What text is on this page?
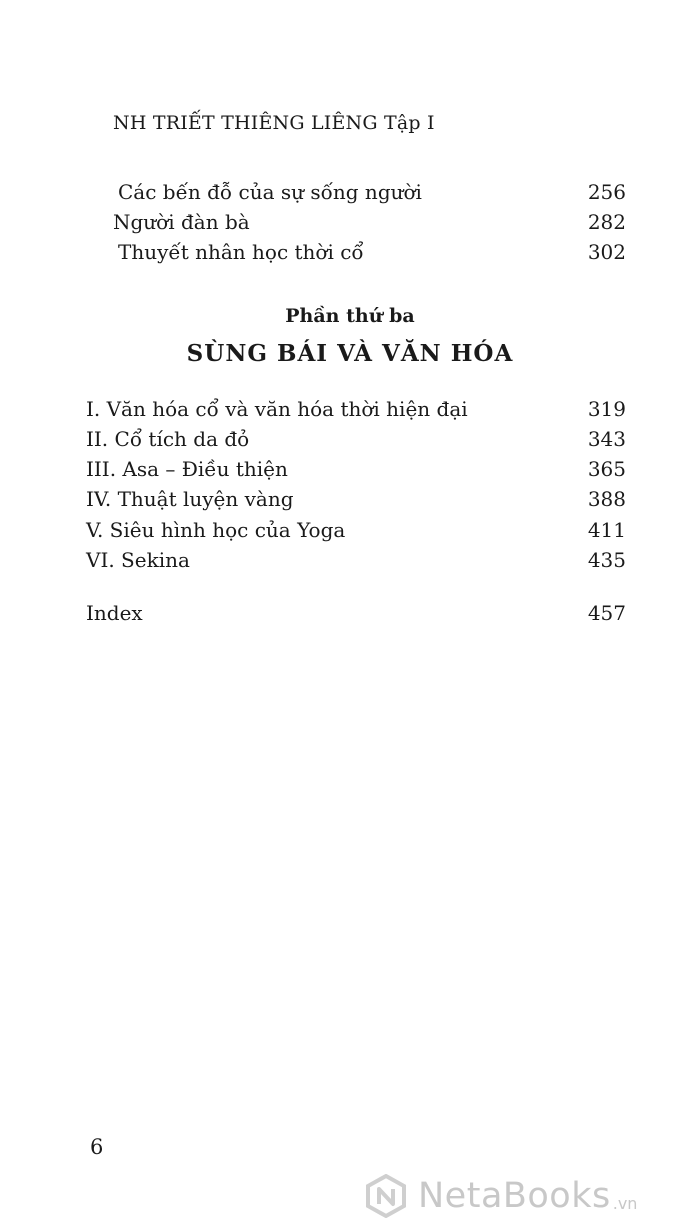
NH TRIẾT THIÊNG LIÊNG Tập I
Các bến đỗ của sự sống người	256
Người đàn bà	282
Thuyết nhân học thời cổ	302
Phần thứ ba
SÙNG BÁI VÀ VĂN HÓA
I. Văn hóa cổ và văn hóa thời hiện đại	319
II. Cổ tích da đỏ	343
III. Asa – Điều thiện	365
IV. Thuật luyện vàng	388
V. Siêu hình học của Yoga	411
VI. Sekina	435
Index	457
6
NetaBooks .vn
